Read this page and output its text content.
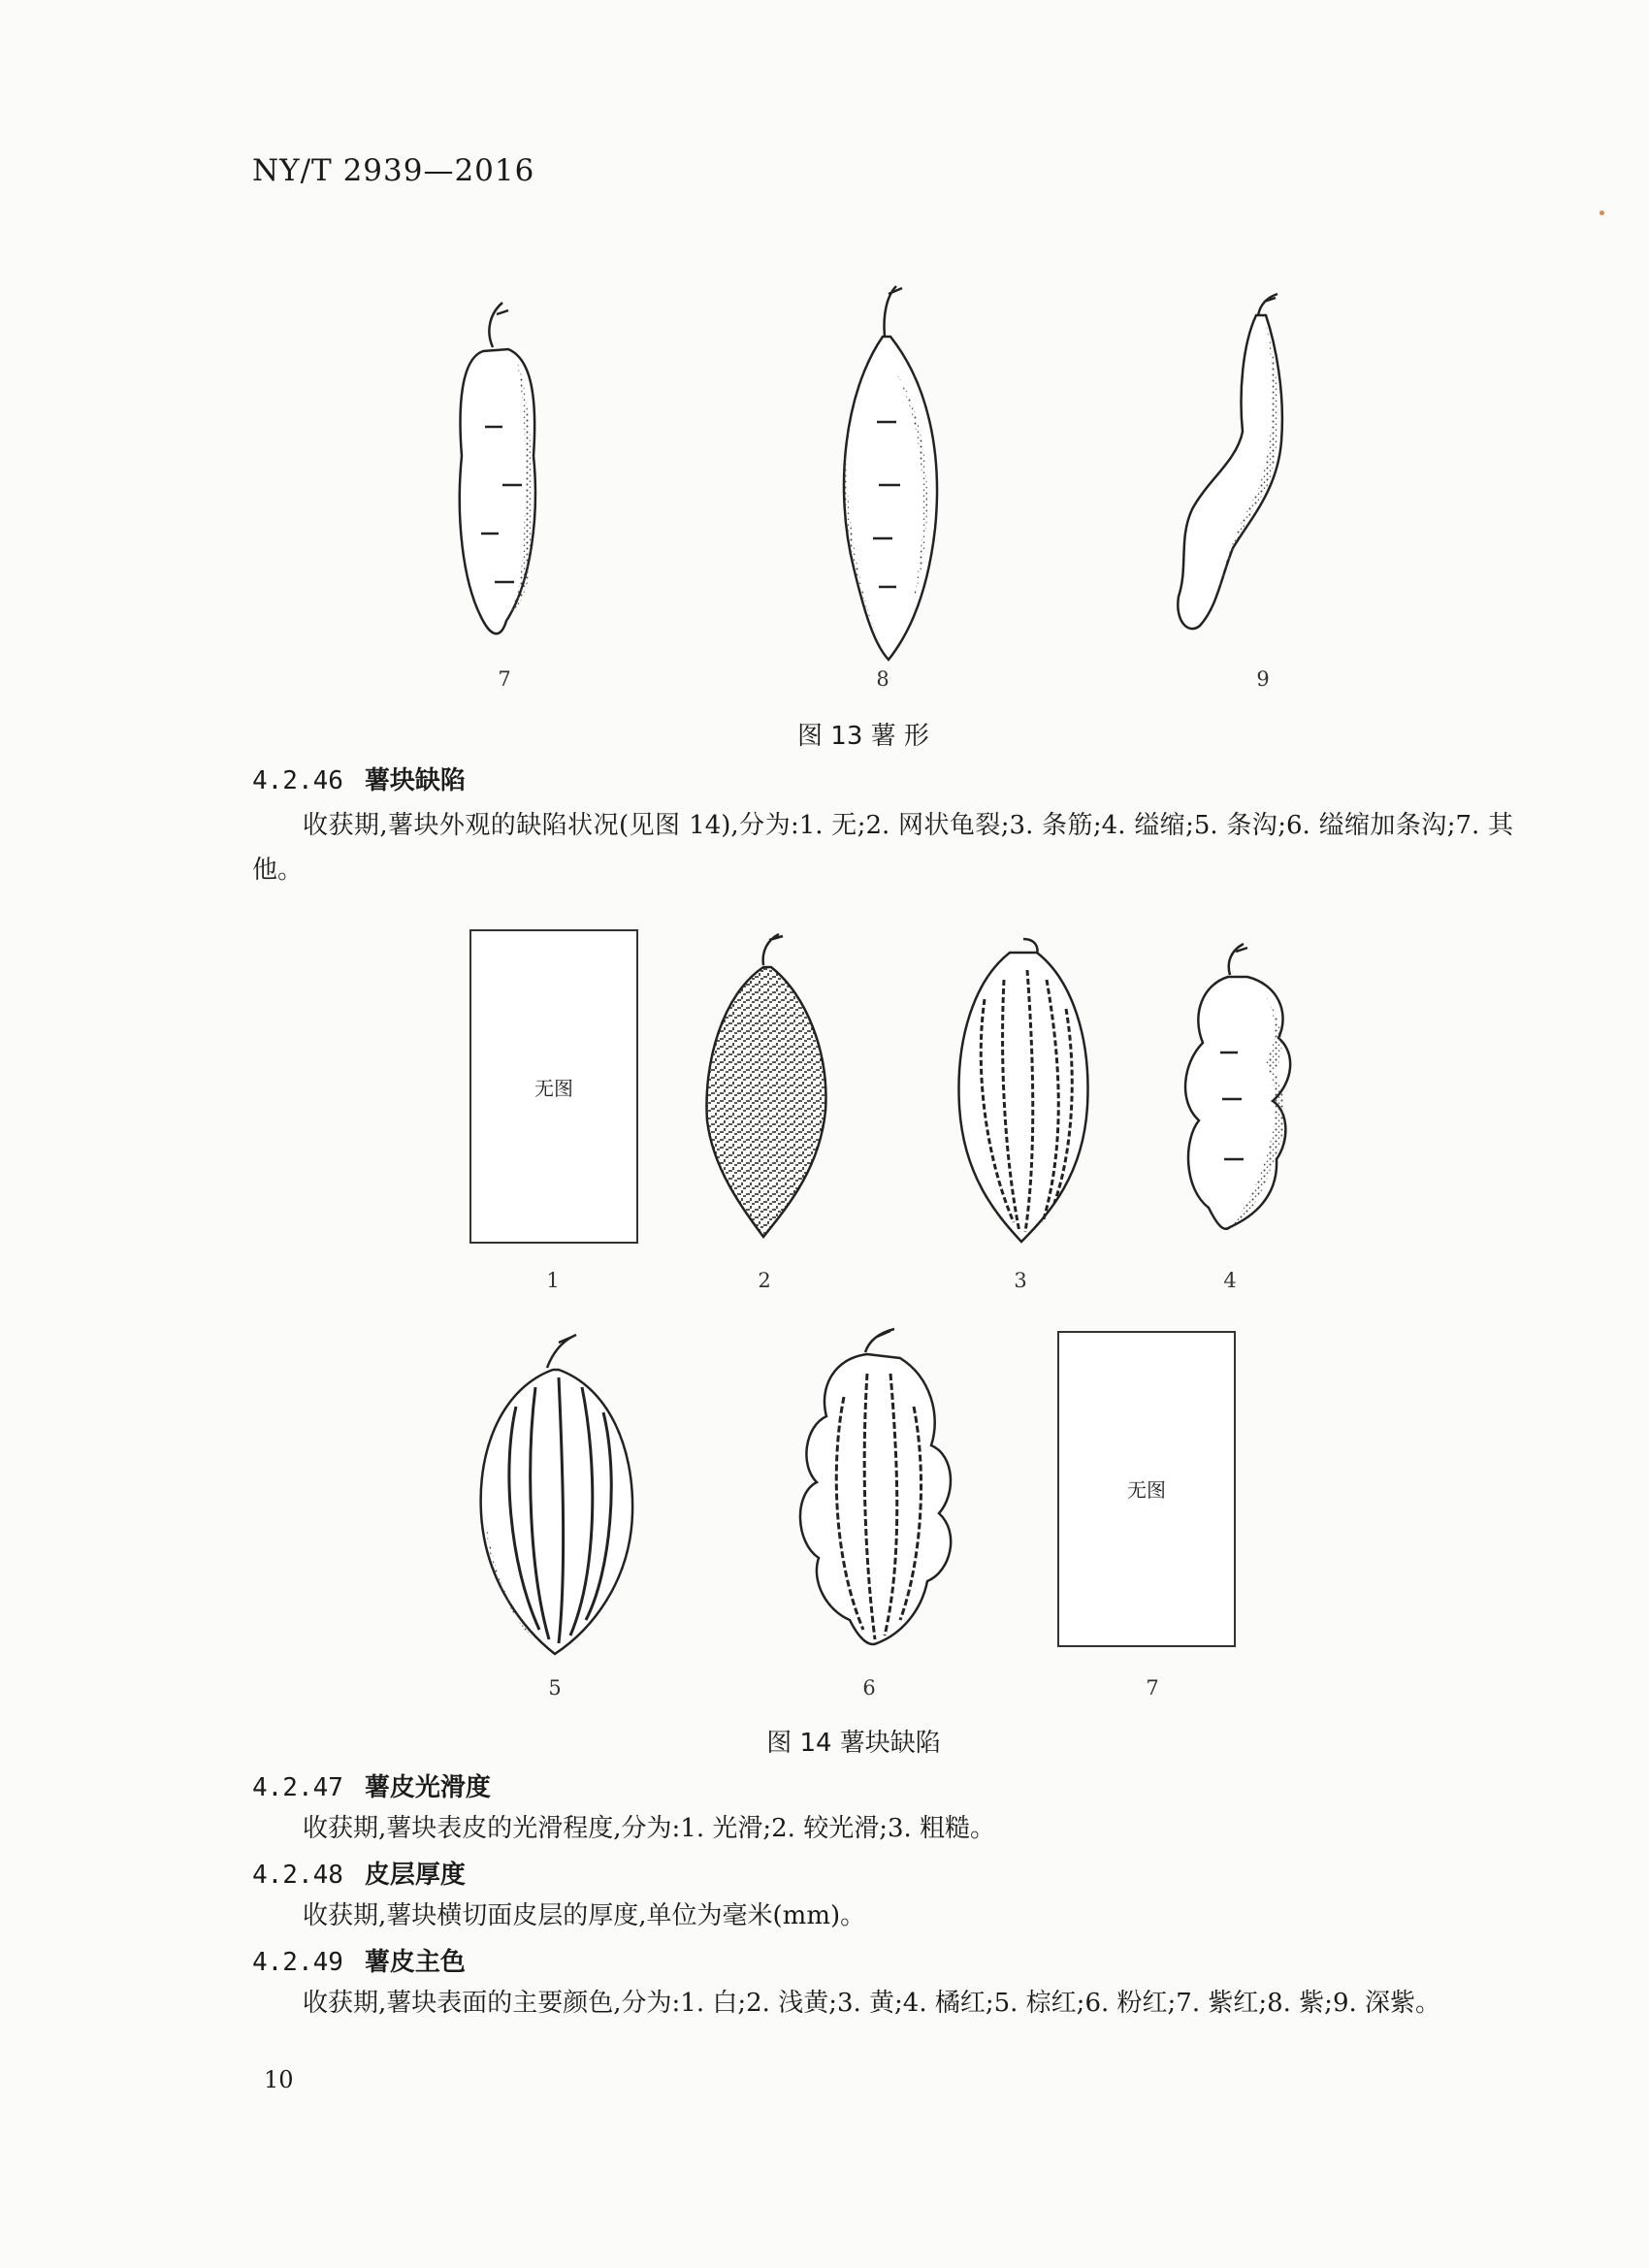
NY/T 2939—2016
7	8	9
图 13 薯 形
4.2.46 薯块缺陷
收获期,薯块外观的缺陷状况(见图 14),分为:1. 无;2. 网状龟裂;3. 条筋;4. 缢缩;5. 条沟;6. 缢缩加条沟;7. 其他。
无图
1	2	3	4
无图
5	6	7
图 14 薯块缺陷
4.2.47 薯皮光滑度
收获期,薯块表皮的光滑程度,分为:1. 光滑;2. 较光滑;3. 粗糙。
4.2.48 皮层厚度
收获期,薯块横切面皮层的厚度,单位为毫米(mm)。
4.2.49 薯皮主色
收获期,薯块表面的主要颜色,分为:1. 白;2. 浅黄;3. 黄;4. 橘红;5. 棕红;6. 粉红;7. 紫红;8. 紫;9. 深紫。
10
